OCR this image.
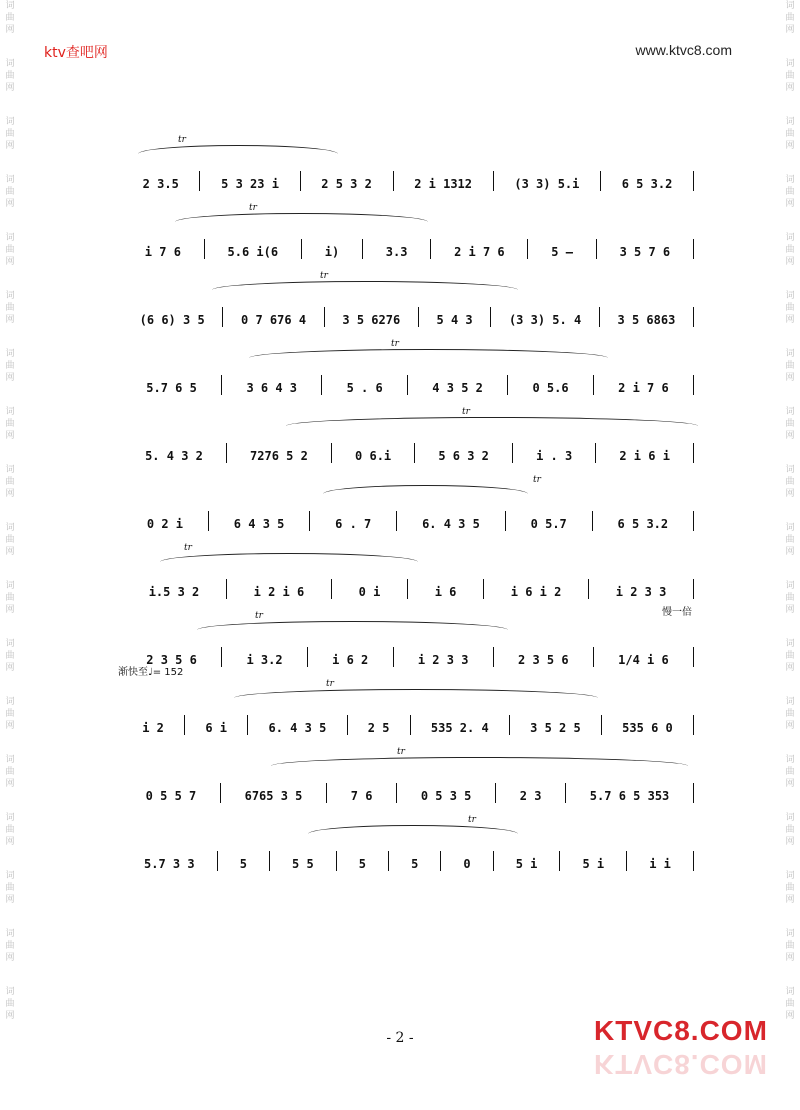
词曲网
词曲网
词曲网
词曲网
词曲网
词曲网
词曲网
词曲网
词曲网
词曲网
词曲网
词曲网
词曲网
词曲网
词曲网
词曲网
词曲网
词曲网
词曲网
词曲网
词曲网
词曲网
词曲网
词曲网
词曲网
词曲网
词曲网
词曲网
词曲网
词曲网
词曲网
词曲网
词曲网
词曲网
词曲网
词曲网
ktv查吧网	www.ktvc8.com
tr
2 3.5	5 3 23 i	2 5 3 2	2 i 1312	(3 3) 5.i	6 5 3.2
tr
i 7 6	5.6 i(6	i)	3.3	2 i 7 6	5 —	3 5 7 6
tr
(6 6) 3 5	0 7 676 4	3 5 6276	5 4 3	(3 3) 5. 4	3 5 6863
tr
5.7 6 5	3 6 4 3	5 . 6	4 3 5 2	0 5.6	2 i 7 6
tr
5. 4 3 2	7276 5 2	0 6.i	5 6 3 2	i . 3	2 i 6 i
tr
0 2 i	6 4 3 5	6 . 7	6. 4 3 5	0 5.7	6 5 3.2
tr
i.5 3 2	i 2 i 6	0 i	i 6	i 6 i 2	i 2 3 3
tr	慢一倍
2 3 5 6	i 3.2	i 6 2	i 2 3 3	2 3 5 6	1/4 i 6
tr
渐快至♩= 152
i 2	6 i	6. 4 3 5	2 5	535 2. 4	3 5 2 5	535 6 0
tr
0 5 5 7	6765 3 5	7 6	0 5 3 5	2 3	5.7 6 5 353
tr
5.7 3 3	5	5 5	5	5	0	5 i	5 i	i i
- 2 -	KTVC8.COM
KTVC8.COM
